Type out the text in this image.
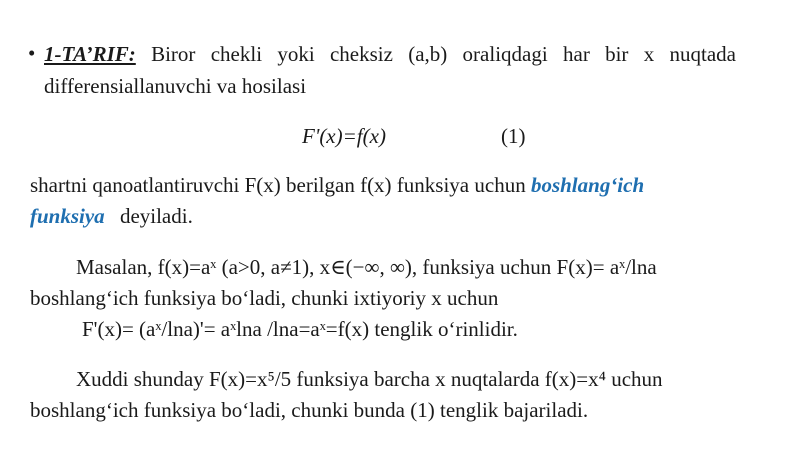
• 1-TA’RIF: Biror chekli yoki cheksiz (a,b) oraliqdagi har bir x nuqtada
differensiallanuvchi va hosilasi
F'(x)=f(x)	(1)
shartni qanoatlantiruvchi F(x) berilgan f(x) funksiya uchun boshlang‘ich
funksiya deyiladi.
Masalan, f(x)=aˣ (a>0, a≠1), x∈(−∞, ∞), funksiya uchun F(x)= aˣ/lna
boshlang‘ich funksiya bo‘ladi, chunki ixtiyoriy x uchun
F'(x)= (aˣ/lna)'= aˣlna /lna=aˣ=f(x) tenglik o‘rinlidir.
Xuddi shunday F(x)=x⁵/5 funksiya barcha x nuqtalarda f(x)=x⁴ uchun
boshlang‘ich funksiya bo‘ladi, chunki bunda (1) tenglik bajariladi.
